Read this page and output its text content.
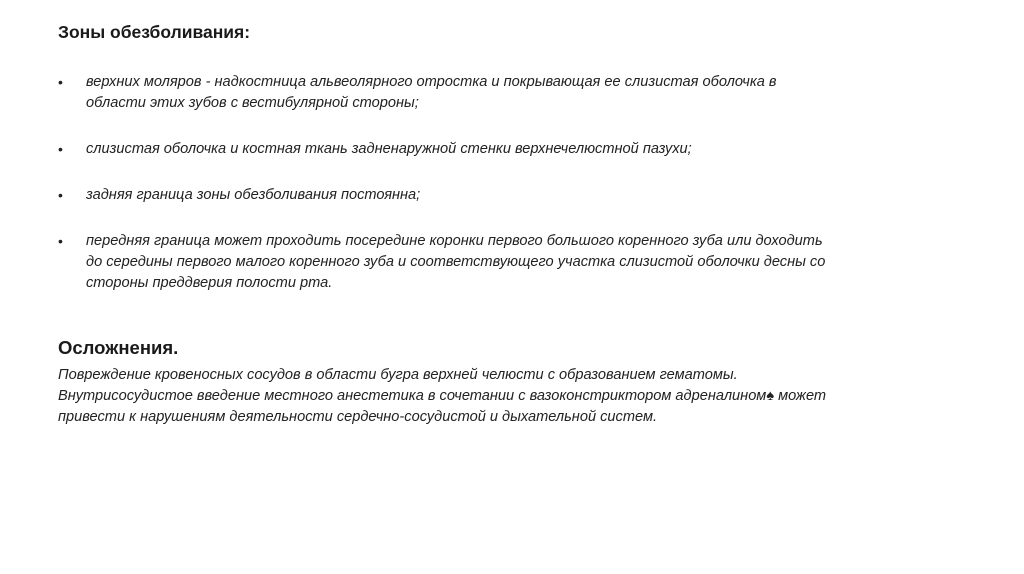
Зоны обезболивания:
• верхних моляров - надкостница альвеолярного отростка и покрывающая ее слизистая оболочка в
области этих зубов с вестибулярной стороны;
• слизистая оболочка и костная ткань задненаружной стенки верхнечелюстной пазухи;
• задняя граница зоны обезболивания постоянна;
• передняя граница может проходить посередине коронки первого большого коренного зуба или доходить
до середины первого малого коренного зуба и соответствующего участка слизистой оболочки десны со
стороны преддверия полости рта.
Осложнения.

Повреждение кровеносных сосудов в области бугра верхней челюсти с образованием гематомы.
Внутрисосудистое введение местного анестетика в сочетании с вазоконстриктором адреналином♠ может
привести к нарушениям деятельности сердечно-сосудистой и дыхательной систем.
